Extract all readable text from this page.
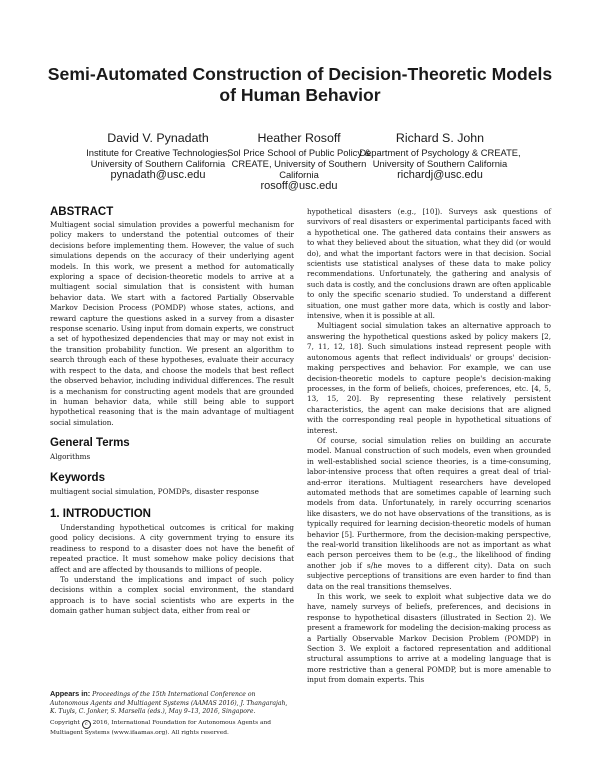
Semi-Automated Construction of Decision-Theoretic Models of Human Behavior
David V. Pynadath
Institute for Creative Technologies, University of Southern California
pynadath@usc.edu
Heather Rosoff
Sol Price School of Public Policy & CREATE, University of Southern California
rosoff@usc.edu
Richard S. John
Department of Psychology & CREATE, University of Southern California
richardj@usc.edu
ABSTRACT

Multiagent social simulation provides a powerful mechanism for policy makers to understand the potential outcomes of their decisions before implementing them. However, the value of such simulations depends on the accuracy of their underlying agent models. In this work, we present a method for automatically exploring a space of decision-theoretic models to arrive at a multiagent social simulation that is consistent with human behavior data. We start with a factored Partially Observable Markov Decision Process (POMDP) whose states, actions, and reward capture the questions asked in a survey from a disaster response scenario. Using input from domain experts, we construct a set of hypothesized dependencies that may or may not exist in the transition probability function. We present an algorithm to search through each of these hypotheses, evaluate their accuracy with respect to the data, and choose the models that best reflect the observed behavior, including individual differences. The result is a mechanism for constructing agent models that are grounded in human behavior data, while still being able to support hypothetical reasoning that is the main advantage of multiagent social simulation.

General Terms

Algorithms

Keywords

multiagent social simulation, POMDPs, disaster response

1. INTRODUCTION

Understanding hypothetical outcomes is critical for making good policy decisions. A city government trying to ensure its readiness to respond to a disaster does not have the benefit of repeated practice. It must somehow make policy decisions that affect and are affected by thousands to millions of people.

To understand the implications and impact of such policy decisions within a complex social environment, the standard approach is to have social scientists who are experts in the domain gather human subject data, either from real or

Appears in: Proceedings of the 15th International Conference on Autonomous Agents and Multiagent Systems (AAMAS 2016), J. Thangarajah, K. Tuyls, C. Jonker, S. Marsella (eds.), May 9–13, 2016, Singapore.
Copyright c 2016, International Foundation for Autonomous Agents and Multiagent Systems (www.ifaamas.org). All rights reserved.

hypothetical disasters (e.g., [10]). Surveys ask questions of survivors of real disasters or experimental participants faced with a hypothetical one. The gathered data contains their answers as to what they believed about the situation, what they did (or would do), and what the important factors were in that decision. Social scientists use statistical analyses of these data to make policy recommendations. Unfortunately, the gathering and analysis of such data is costly, and the conclusions drawn are often applicable to only the specific scenario studied. To understand a different situation, one must gather more data, which is costly and labor-intensive, when it is possible at all.

Multiagent social simulation takes an alternative approach to answering the hypothetical questions asked by policy makers [2, 7, 11, 12, 18]. Such simulations instead represent people with autonomous agents that reflect individuals' or groups' decision-making perspectives and behavior. For example, we can use decision-theoretic models to capture people's decision-making processes, in the form of beliefs, choices, preferences, etc. [4, 5, 13, 15, 20]. By representing these relatively persistent characteristics, the agent can make decisions that are aligned with the corresponding real people in hypothetical situations of interest.

Of course, social simulation relies on building an accurate model. Manual construction of such models, even when grounded in well-established social science theories, is a time-consuming, labor-intensive process that often requires a great deal of trial-and-error iterations. Multiagent researchers have developed automated methods that are sometimes capable of learning such models from data. Unfortunately, in rarely occurring scenarios like disasters, we do not have observations of the transitions, as is typically required for learning decision-theoretic models of human behavior [5]. Furthermore, from the decision-making perspective, the real-world transition likelihoods are not as important as what each person perceives them to be (e.g., the likelihood of finding another job if s/he moves to a different city). Data on such subjective perceptions of transitions are even harder to find than data on the real transitions themselves.

In this work, we seek to exploit what subjective data we do have, namely surveys of beliefs, preferences, and decisions in response to hypothetical disasters (illustrated in Section 2). We present a framework for modeling the decision-making process as a Partially Observable Markov Decision Problem (POMDP) in Section 3. We exploit a factored representation and additional structural assumptions to arrive at a modeling language that is more restrictive than a general POMDP, but is more amenable to input from domain experts. This
